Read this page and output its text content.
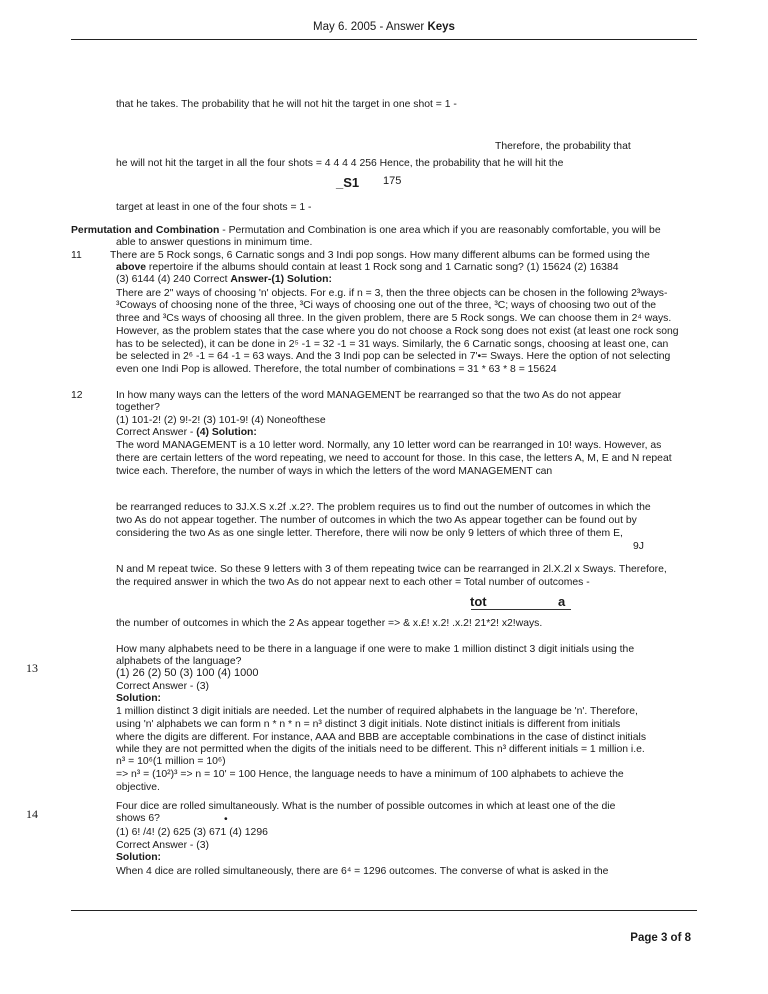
May 6. 2005 - Answer Keys
that he takes. The probability that he will not hit the target in one shot = 1 -
Therefore, the probability that
he will not hit the target in all the four shots = 4 4 4 4 256 Hence, the probability that he will hit the
_S1 175
target at least in one of the four shots = 1 -
Permutation and Combination - Permutation and Combination is one area which if you are reasonably comfortable, you will be
able to answer questions in minimum time.
11	There are 5 Rock songs, 6 Carnatic songs and 3 Indi pop songs. How many different albums can be formed using the
above repertoire if the albums should contain at least 1 Rock song and 1 Carnatic song? (1) 15624 (2) 16384
(3) 6144 (4) 240 Correct Answer-(1) Solution:
There are 2" ways of choosing 'n' objects. For e.g. if n = 3, then the three objects can be chosen in the following 2³ways-
³Coways of choosing none of the three, ³Ci ways of choosing one out of the three, ³C; ways of choosing two out of the
three and ³Cs ways of choosing all three. In the given problem, there are 5 Rock songs. We can choose them in 2⁴ ways.
However, as the problem states that the case where you do not choose a Rock song does not exist (at least one rock song
has to be selected), it can be done in 2⁵ -1 = 32 -1 = 31 ways. Similarly, the 6 Carnatic songs, choosing at least one, can
be selected in 2⁶ -1 = 64 -1 = 63 ways. And the 3 Indi pop can be selected in 7'•= Sways. Here the option of not selecting
even one Indi Pop is allowed. Therefore, the total number of combinations = 31 * 63 * 8 = 15624
12	In how many ways can the letters of the word MANAGEMENT be rearranged so that the two As do not appear
together?
(1) 101-2! (2) 9!-2! (3) 101-9! (4) Noneofthese
Correct Answer - (4) Solution:
The word MANAGEMENT is a 10 letter word. Normally, any 10 letter word can be rearranged in 10! ways. However, as
there are certain letters of the word repeating, we need to account for those. In this case, the letters A, M, E and N repeat
twice each. Therefore, the number of ways in which the letters of the word MANAGEMENT can
be rearranged reduces to 3J.X.S x.2f .x.2?. The problem requires us to find out the number of outcomes in which the
two As do not appear together. The number of outcomes in which the two As appear together can be found out by
considering the two As as one single letter. Therefore, there wili now be only 9 letters of which three of them E,
9J
N and M repeat twice. So these 9 letters with 3 of them repeating twice can be rearranged in 2l.X.2l x Sways. Therefore,
the required answer in which the two As do not appear next to each other = Total number of outcomes -
tot	a
the number of outcomes in which the 2 As appear together => & x.£! x.2! .x.2! 21*2! x2!ways.
13
How many alphabets need to be there in a language if one were to make 1 million distinct 3 digit initials using the
alphabets of the language?
(1) 26 (2) 50 (3) 100 (4) 1000
Correct Answer - (3)
Solution:
1 million distinct 3 digit initials are needed. Let the number of required alphabets in the language be 'n'. Therefore,
using 'n' alphabets we can form n * n * n = n³ distinct 3 digit initials. Note distinct initials is different from initials
where the digits are different. For instance, AAA and BBB are acceptable combinations in the case of distinct initials
while they are not permitted when the digits of the initials need to be different. This n³ different initials = 1 million i.e.
n³ = 10⁶(1 million = 10⁶)
=> n³ = (10²)³ => n = 10' = 100 Hence, the language needs to have a minimum of 100 alphabets to achieve the
objective.
14
Four dice are rolled simultaneously. What is the number of possible outcomes in which at least one of the die
shows 6?	•
(1) 6! /4! (2) 625 (3) 671 (4) 1296
Correct Answer - (3)
Solution:
When 4 dice are rolled simultaneously, there are 6⁴ = 1296 outcomes. The converse of what is asked in the
Page 3 of 8
